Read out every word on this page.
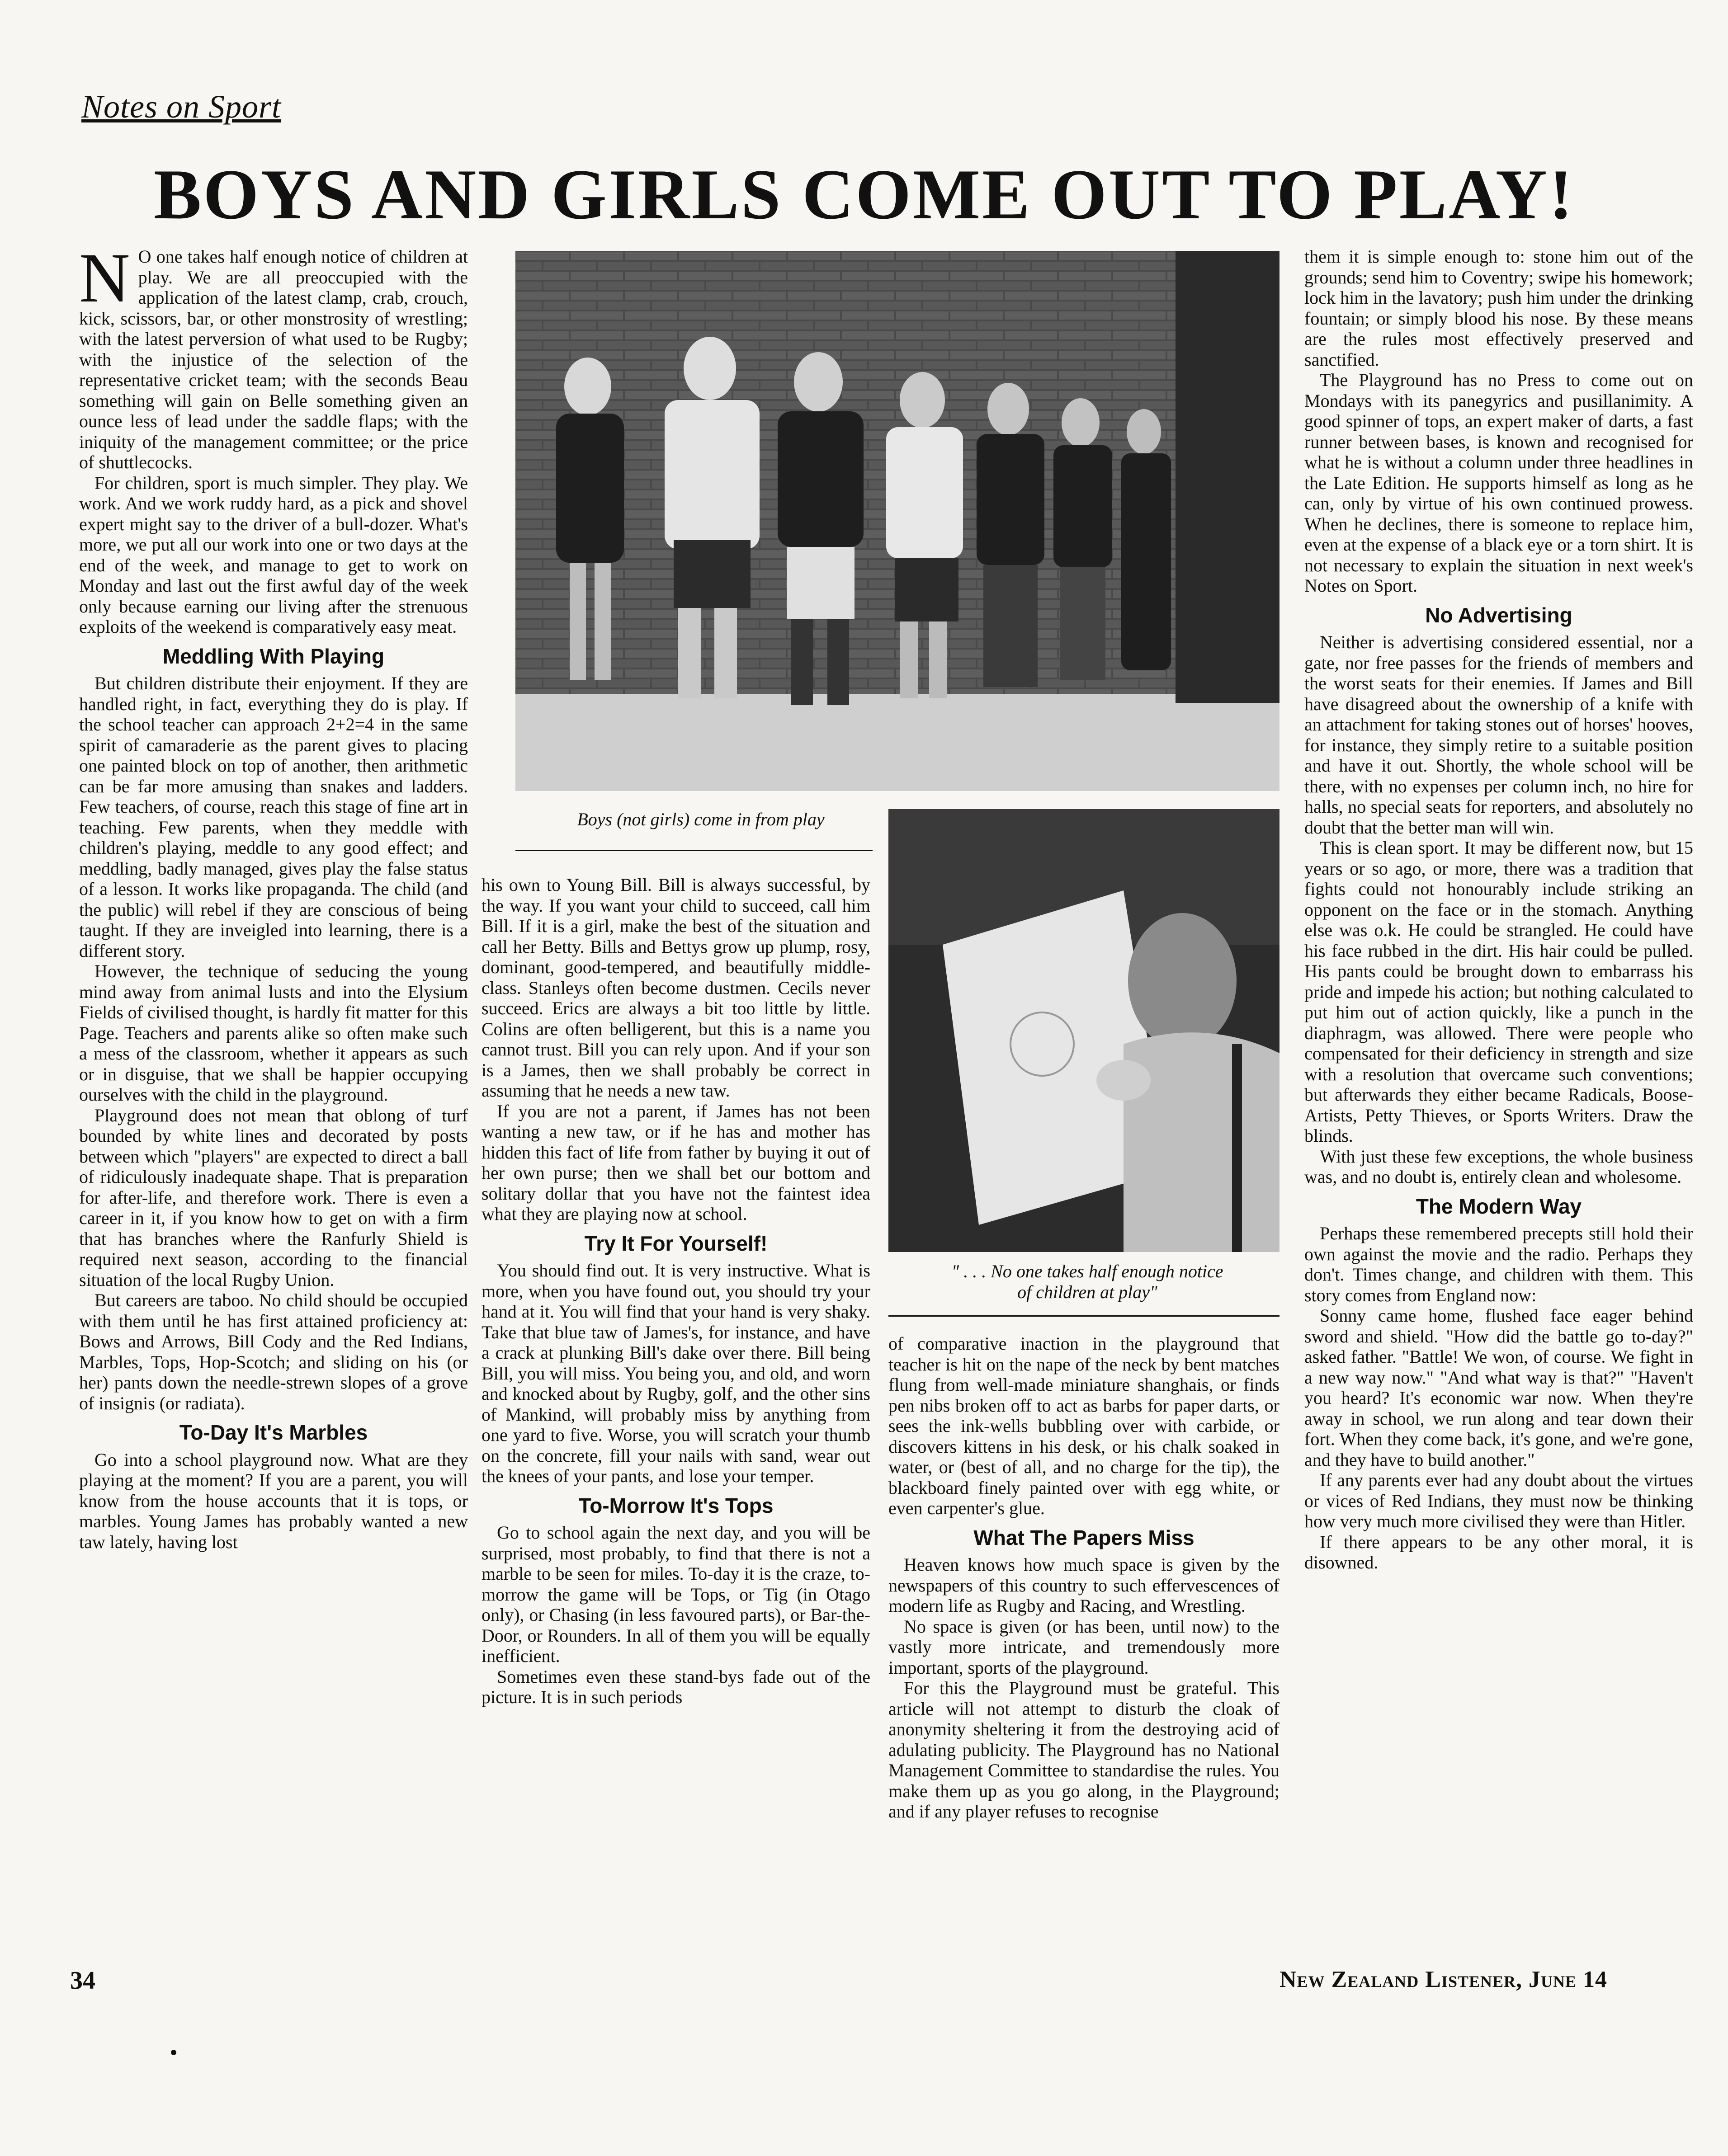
Notes on Sport
BOYS AND GIRLS COME OUT TO PLAY!

N O one takes half enough notice of children at play. We are all preoccupied with the application of the latest clamp, crab, crouch, kick, scissors, bar, or other monstrosity of wrestling; with the latest perversion of what used to be Rugby; with the injustice of the selection of the representative cricket team; with the seconds Beau something will gain on Belle something given an ounce less of lead under the saddle flaps; with the iniquity of the management committee; or the price of shuttlecocks.

For children, sport is much simpler. They play. We work. And we work ruddy hard, as a pick and shovel expert might say to the driver of a bull-dozer. What's more, we put all our work into one or two days at the end of the week, and manage to get to work on Monday and last out the first awful day of the week only because earning our living after the strenuous exploits of the weekend is comparatively easy meat.

Meddling With Playing

But children distribute their enjoyment. If they are handled right, in fact, everything they do is play. If the school teacher can approach 2+2=4 in the same spirit of camaraderie as the parent gives to placing one painted block on top of another, then arithmetic can be far more amusing than snakes and ladders. Few teachers, of course, reach this stage of fine art in teaching. Few parents, when they meddle with children's playing, meddle to any good effect; and meddling, badly managed, gives play the false status of a lesson. It works like propaganda. The child (and the public) will rebel if they are conscious of being taught. If they are inveigled into learning, there is a different story.

However, the technique of seducing the young mind away from animal lusts and into the Elysium Fields of civilised thought, is hardly fit matter for this Page. Teachers and parents alike so often make such a mess of the classroom, whether it appears as such or in disguise, that we shall be happier occupying ourselves with the child in the playground.

Playground does not mean that oblong of turf bounded by white lines and decorated by posts between which "players" are expected to direct a ball of ridiculously inadequate shape. That is preparation for after-life, and therefore work. There is even a career in it, if you know how to get on with a firm that has branches where the Ranfurly Shield is required next season, according to the financial situation of the local Rugby Union.

But careers are taboo. No child should be occupied with them until he has first attained proficiency at: Bows and Arrows, Bill Cody and the Red Indians, Marbles, Tops, Hop-Scotch; and sliding on his (or her) pants down the needle-strewn slopes of a grove of insignis (or radiata).

To-Day It's Marbles

Go into a school playground now. What are they playing at the moment? If you are a parent, you will know from the house accounts that it is tops, or marbles. Young James has probably wanted a new taw lately, having lost

Boys (not girls) come in from play
" . . . No one takes half enough notice
of children at play"

his own to Young Bill. Bill is always successful, by the way. If you want your child to succeed, call him Bill. If it is a girl, make the best of the situation and call her Betty. Bills and Bettys grow up plump, rosy, dominant, good-tempered, and beautifully middle-class. Stanleys often become dustmen. Cecils never succeed. Erics are always a bit too little by little. Colins are often belligerent, but this is a name you cannot trust. Bill you can rely upon. And if your son is a James, then we shall probably be correct in assuming that he needs a new taw.

If you are not a parent, if James has not been wanting a new taw, or if he has and mother has hidden this fact of life from father by buying it out of her own purse; then we shall bet our bottom and solitary dollar that you have not the faintest idea what they are playing now at school.

Try It For Yourself!

You should find out. It is very instructive. What is more, when you have found out, you should try your hand at it. You will find that your hand is very shaky. Take that blue taw of James's, for instance, and have a crack at plunking Bill's dake over there. Bill being Bill, you will miss. You being you, and old, and worn and knocked about by Rugby, golf, and the other sins of Mankind, will probably miss by anything from one yard to five. Worse, you will scratch your thumb on the concrete, fill your nails with sand, wear out the knees of your pants, and lose your temper.

To-Morrow It's Tops

Go to school again the next day, and you will be surprised, most probably, to find that there is not a marble to be seen for miles. To-day it is the craze, to-morrow the game will be Tops, or Tig (in Otago only), or Chasing (in less favoured parts), or Bar-the-Door, or Rounders. In all of them you will be equally inefficient.

Sometimes even these stand-bys fade out of the picture. It is in such periods

of comparative inaction in the playground that teacher is hit on the nape of the neck by bent matches flung from well-made miniature shanghais, or finds pen nibs broken off to act as barbs for paper darts, or sees the ink-wells bubbling over with carbide, or discovers kittens in his desk, or his chalk soaked in water, or (best of all, and no charge for the tip), the blackboard finely painted over with egg white, or even carpenter's glue.

What The Papers Miss

Heaven knows how much space is given by the newspapers of this country to such effervescences of modern life as Rugby and Racing, and Wrestling.

No space is given (or has been, until now) to the vastly more intricate, and tremendously more important, sports of the playground.

For this the Playground must be grateful. This article will not attempt to disturb the cloak of anonymity sheltering it from the destroying acid of adulating publicity. The Playground has no National Management Committee to standardise the rules. You make them up as you go along, in the Playground; and if any player refuses to recognise

them it is simple enough to: stone him out of the grounds; send him to Coventry; swipe his homework; lock him in the lavatory; push him under the drinking fountain; or simply blood his nose. By these means are the rules most effectively preserved and sanctified.

The Playground has no Press to come out on Mondays with its panegyrics and pusillanimity. A good spinner of tops, an expert maker of darts, a fast runner between bases, is known and recognised for what he is without a column under three headlines in the Late Edition. He supports himself as long as he can, only by virtue of his own continued prowess. When he declines, there is someone to replace him, even at the expense of a black eye or a torn shirt. It is not necessary to explain the situation in next week's Notes on Sport.

No Advertising

Neither is advertising considered essential, nor a gate, nor free passes for the friends of members and the worst seats for their enemies. If James and Bill have disagreed about the ownership of a knife with an attachment for taking stones out of horses' hooves, for instance, they simply retire to a suitable position and have it out. Shortly, the whole school will be there, with no expenses per column inch, no hire for halls, no special seats for reporters, and absolutely no doubt that the better man will win.

This is clean sport. It may be different now, but 15 years or so ago, or more, there was a tradition that fights could not honourably include striking an opponent on the face or in the stomach. Anything else was o.k. He could be strangled. He could have his face rubbed in the dirt. His hair could be pulled. His pants could be brought down to embarrass his pride and impede his action; but nothing calculated to put him out of action quickly, like a punch in the diaphragm, was allowed. There were people who compensated for their deficiency in strength and size with a resolution that overcame such conventions; but afterwards they either became Radicals, Boose-Artists, Petty Thieves, or Sports Writers. Draw the blinds.

With just these few exceptions, the whole business was, and no doubt is, entirely clean and wholesome.

The Modern Way

Perhaps these remembered precepts still hold their own against the movie and the radio. Perhaps they don't. Times change, and children with them. This story comes from England now:

Sonny came home, flushed face eager behind sword and shield. "How did the battle go to-day?" asked father. "Battle! We won, of course. We fight in a new way now." "And what way is that?" "Haven't you heard? It's economic war now. When they're away in school, we run along and tear down their fort. When they come back, it's gone, and we're gone, and they have to build another."

If any parents ever had any doubt about the virtues or vices of Red Indians, they must now be thinking how very much more civilised they were than Hitler.

If there appears to be any other moral, it is disowned.

34	New Zealand Listener, June 14
